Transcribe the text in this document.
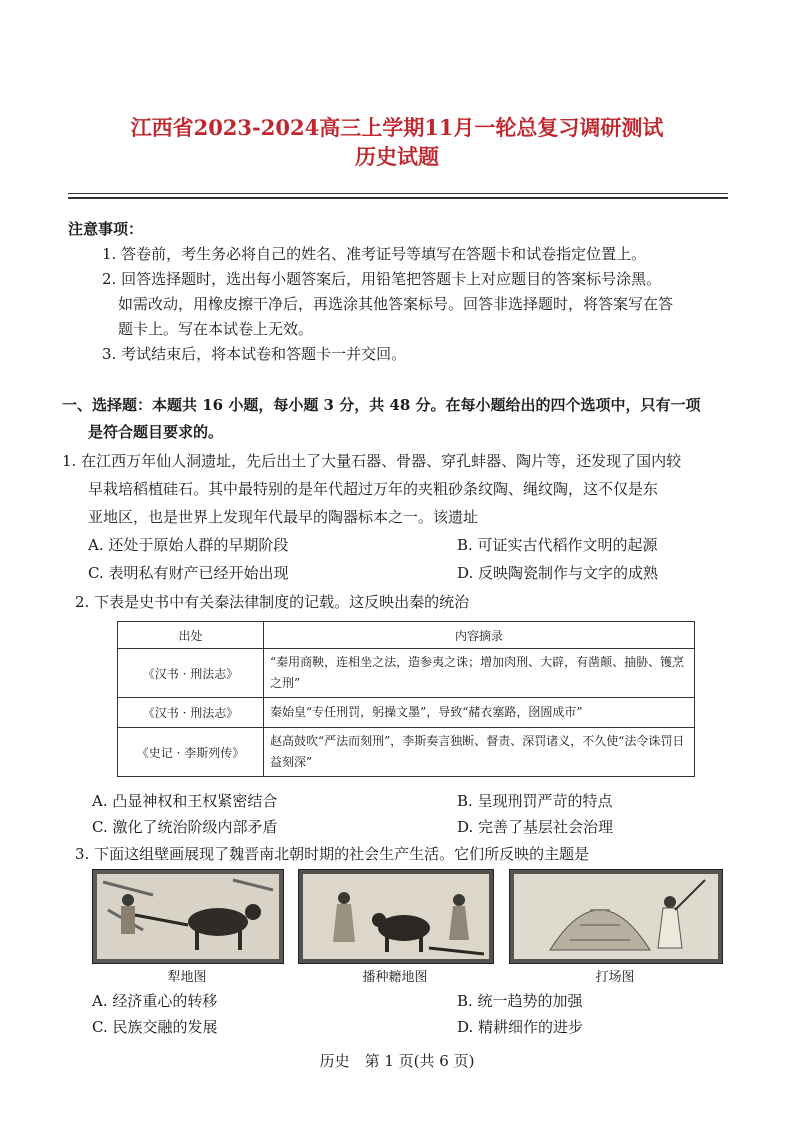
江西省2023-2024高三上学期11月一轮总复习调研测试
历史试题
注意事项：
1. 答卷前，考生务必将自己的姓名、准考证号等填写在答题卡和试卷指定位置上。
2. 回答选择题时，选出每小题答案后，用铅笔把答题卡上对应题目的答案标号涂黑。
如需改动，用橡皮擦干净后，再选涂其他答案标号。回答非选择题时，将答案写在答
题卡上。写在本试卷上无效。
3. 考试结束后，将本试卷和答题卡一并交回。
一、选择题：本题共 16 小题，每小题 3 分，共 48 分。在每小题给出的四个选项中，只有一项
是符合题目要求的。
1. 在江西万年仙人洞遗址，先后出土了大量石器、骨器、穿孔蚌器、陶片等，还发现了国内较
早栽培稻植硅石。其中最特别的是年代超过万年的夹粗砂条纹陶、绳纹陶，这不仅是东
亚地区，也是世界上发现年代最早的陶器标本之一。该遗址
A. 还处于原始人群的早期阶段	B. 可证实古代稻作文明的起源
C. 表明私有财产已经开始出现	D. 反映陶瓷制作与文字的成熟
2. 下表是史书中有关秦法律制度的记载。这反映出秦的统治
出处	内容摘录
《汉书 · 刑法志》	“秦用商鞅，连相坐之法，造参夷之诛；增加肉刑、大辟，有凿颠、抽胁、镬烹之刑”
《汉书 · 刑法志》	秦始皇“专任刑罚，躬操文墨”，导致“赭衣塞路，囹圄成市”
《史记 · 李斯列传》	赵高鼓吹“严法而刻刑”，李斯奏言独断、督责、深罚诸义，不久使“法令诛罚日益刻深”
A. 凸显神权和王权紧密结合	B. 呈现刑罚严苛的特点
C. 激化了统治阶级内部矛盾	D. 完善了基层社会治理
3. 下面这组壁画展现了魏晋南北朝时期的社会生产生活。它们所反映的主题是
犁地图	播种耱地图	打场图
A. 经济重心的转移	B. 统一趋势的加强
C. 民族交融的发展	D. 精耕细作的进步
历史　第 1 页(共 6 页)
